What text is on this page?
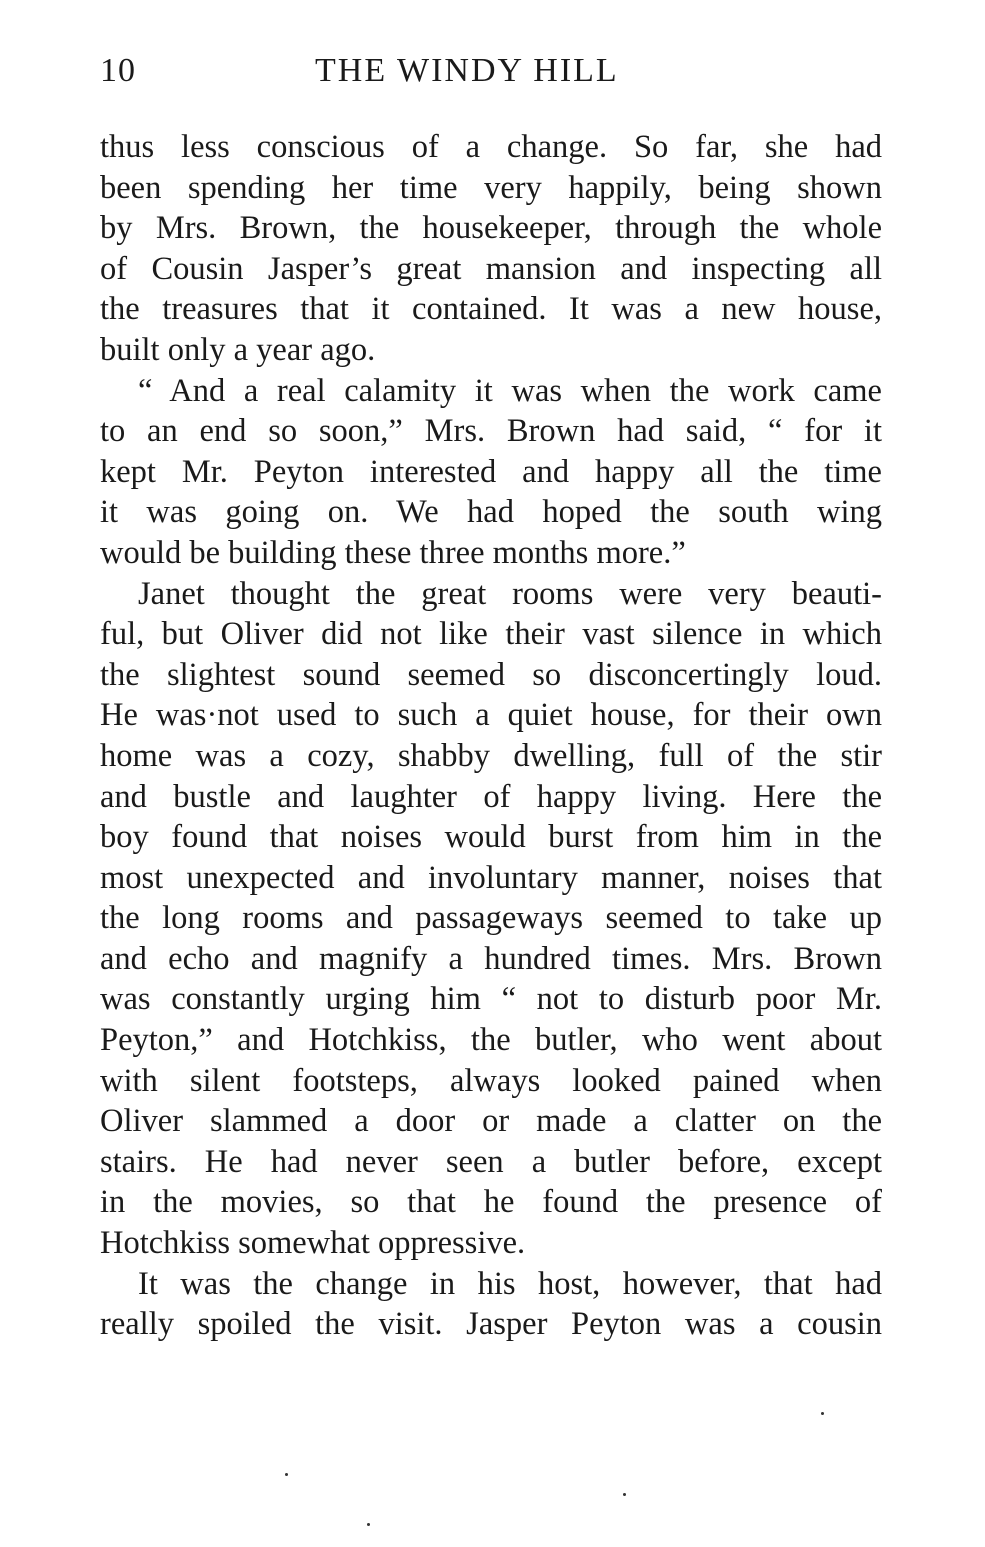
10	THE WINDY HILL
thus less conscious of a change. So far, she had
been spending her time very happily, being shown
by Mrs. Brown, the housekeeper, through the whole
of Cousin Jasper’s great mansion and inspecting all
the treasures that it contained. It was a new house,
built only a year ago.
“ And a real calamity it was when the work came
to an end so soon,” Mrs. Brown had said, “ for it
kept Mr. Peyton interested and happy all the time
it was going on. We had hoped the south wing
would be building these three months more.”
Janet thought the great rooms were very beauti-
ful, but Oliver did not like their vast silence in which
the slightest sound seemed so disconcertingly loud.
He was·not used to such a quiet house, for their own
home was a cozy, shabby dwelling, full of the stir
and bustle and laughter of happy living. Here the
boy found that noises would burst from him in the
most unexpected and involuntary manner, noises that
the long rooms and passageways seemed to take up
and echo and magnify a hundred times. Mrs. Brown
was constantly urging him “ not to disturb poor Mr.
Peyton,” and Hotchkiss, the butler, who went about
with silent footsteps, always looked pained when
Oliver slammed a door or made a clatter on the
stairs. He had never seen a butler before, except
in the movies, so that he found the presence of
Hotchkiss somewhat oppressive.
It was the change in his host, however, that had
really spoiled the visit. Jasper Peyton was a cousin
